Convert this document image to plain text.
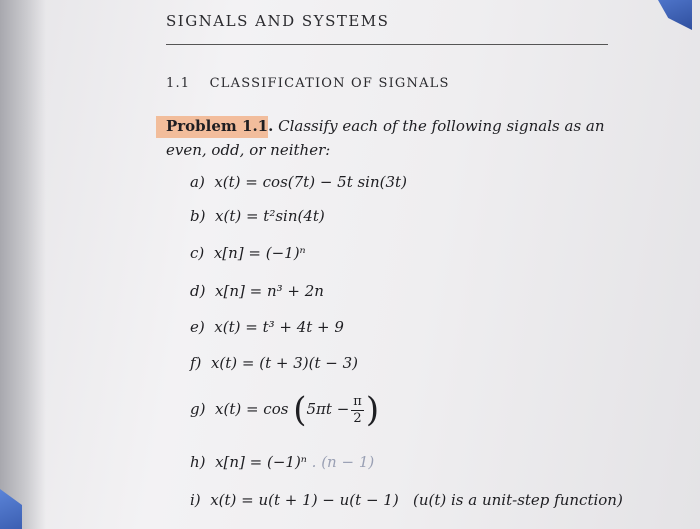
SIGNALS AND SYSTEMS
1.1 CLASSIFICATION OF SIGNALS
Problem 1.1. Classify each of the following signals as an even, odd, or neither:
a) x(t) = cos(7t) − 5t sin(3t)
b) x(t) = t²sin(4t)
c) x[n] = (−1)ⁿ
d) x[n] = n³ + 2n
e) x(t) = t³ + 4t + 9
f) x(t) = (t + 3)(t − 3)
g) $x(t) = \cos (5\pi t - \frac{\pi}{2}$ )
h) x[n] = (−1)ⁿ . (n − 1)
i) x(t) = u(t + 1) − u(t − 1) (u(t) is a unit-step function)
